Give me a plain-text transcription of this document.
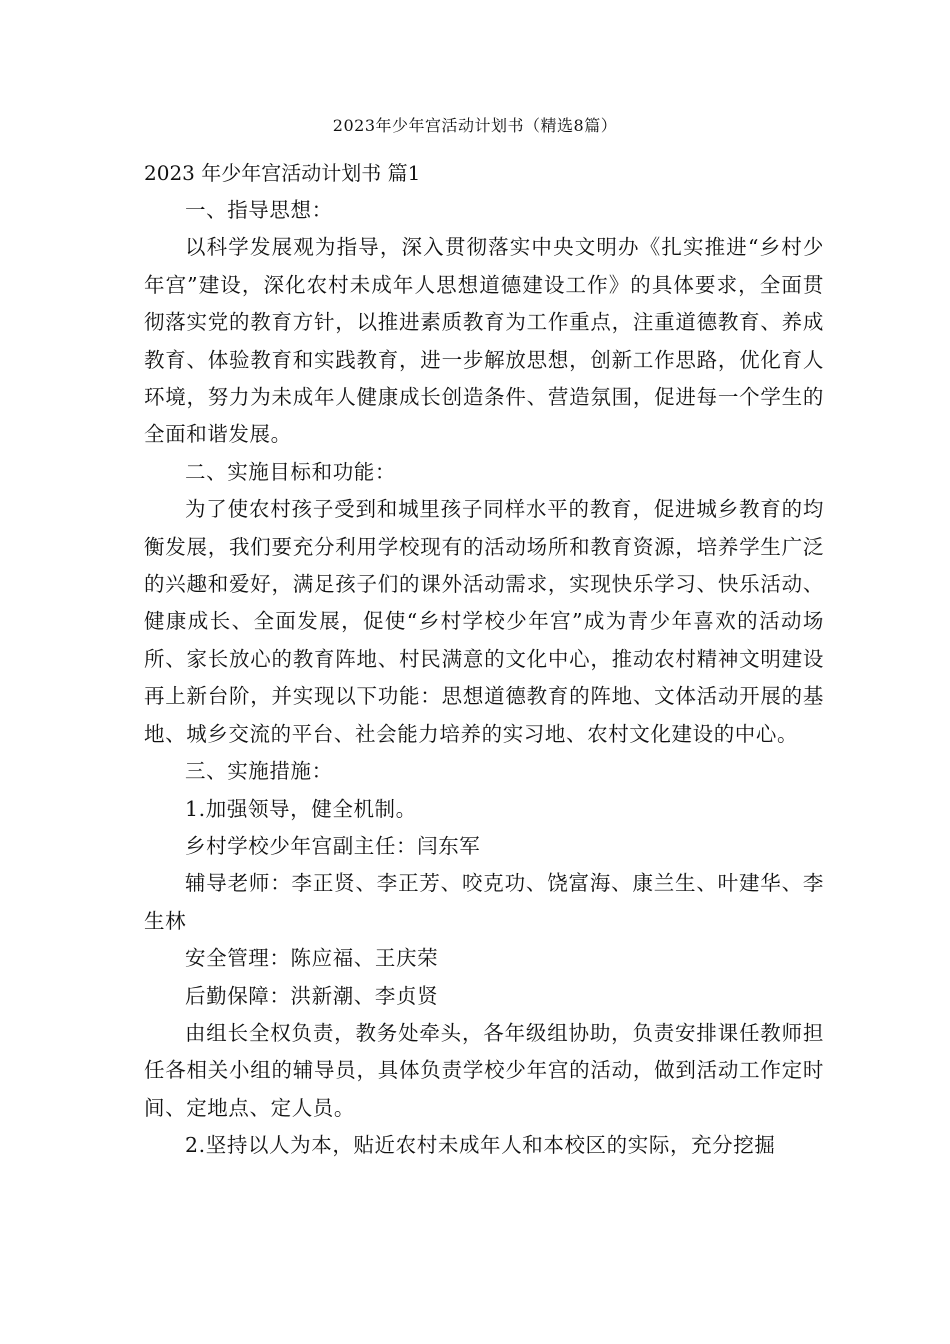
2023年少年宫活动计划书（精选8篇）

2023 年少年宫活动计划书 篇1

一、指导思想：

以科学发展观为指导，深入贯彻落实中央文明办《扎实推进“乡村少年宫”建设，深化农村未成年人思想道德建设工作》的具体要求，全面贯彻落实党的教育方针，以推进素质教育为工作重点，注重道德教育、养成教育、体验教育和实践教育，进一步解放思想，创新工作思路，优化育人环境，努力为未成年人健康成长创造条件、营造氛围，促进每一个学生的全面和谐发展。

二、实施目标和功能：

为了使农村孩子受到和城里孩子同样水平的教育，促进城乡教育的均衡发展，我们要充分利用学校现有的活动场所和教育资源，培养学生广泛的兴趣和爱好，满足孩子们的课外活动需求，实现快乐学习、快乐活动、健康成长、全面发展，促使“乡村学校少年宫”成为青少年喜欢的活动场所、家长放心的教育阵地、村民满意的文化中心，推动农村精神文明建设再上新台阶，并实现以下功能：思想道德教育的阵地、文体活动开展的基地、城乡交流的平台、社会能力培养的实习地、农村文化建设的中心。

三、实施措施：

1.加强领导，健全机制。

乡村学校少年宫副主任：闫东军

辅导老师：李正贤、李正芳、咬克功、饶富海、康兰生、叶建华、李生林

安全管理：陈应福、王庆荣

后勤保障：洪新潮、李贞贤

由组长全权负责，教务处牵头，各年级组协助，负责安排课任教师担任各相关小组的辅导员，具体负责学校少年宫的活动，做到活动工作定时间、定地点、定人员。

2.坚持以人为本，贴近农村未成年人和本校区的实际，充分挖掘
